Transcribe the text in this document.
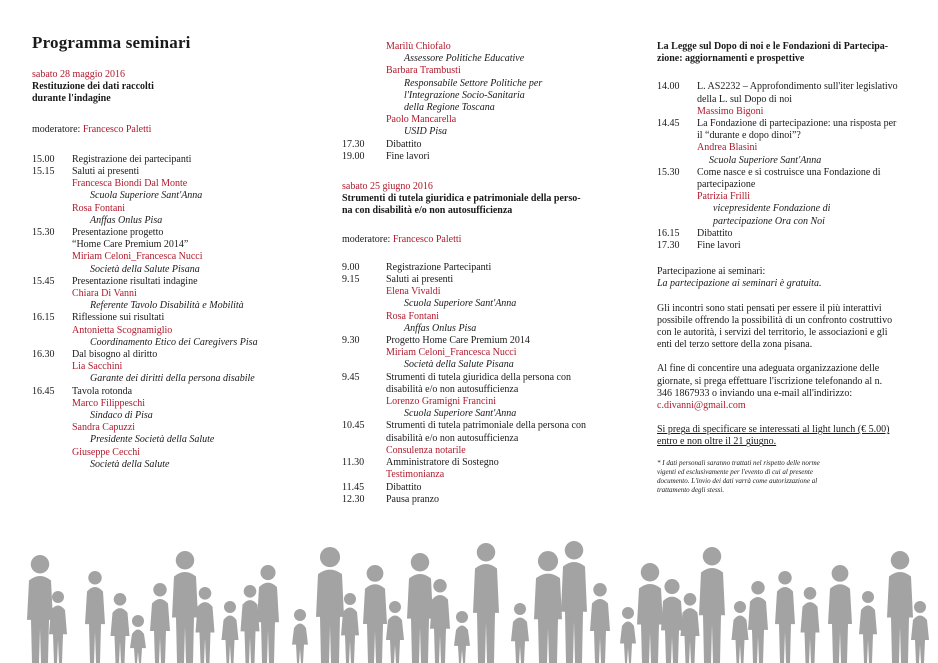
Programma seminari
sabato 28 maggio 2016
Restituzione dei dati raccolti
durante l'indagine
moderatore: Francesco Paletti
15.00	Registrazione dei partecipanti
15.15	Saluti ai presenti
Francesca Biondi Dal Monte
Scuola Superiore Sant'Anna
Rosa Fontani
Anffas Onlus Pisa
15.30	Presentazione progetto
“Home Care Premium 2014”
Miriam Celoni_Francesca Nucci
Società della Salute Pisana
15.45	Presentazione risultati indagine
Chiara Di Vanni
Referente Tavolo Disabilità e Mobilità
16.15	Riflessione sui risultati
Antonietta Scognamiglio
Coordinamento Etico dei Caregivers Pisa
16.30	Dal bisogno al diritto
Lia Sacchini
Garante dei diritti della persona disabile
16.45	Tavola rotonda
Marco Filippeschi
Sindaco di Pisa
Sandra Capuzzi
Presidente Società della Salute
Giuseppe Cecchi
Società della Salute
Marilù Chiofalo
Assessore Politiche Educative
Barbara Trambusti
Responsabile Settore Politiche per
l'Integrazione Socio-Sanitaria
della Regione Toscana
Paolo Mancarella
USID Pisa
17.30	Dibattito
19.00	Fine lavori
sabato 25 giugno 2016
Strumenti di tutela giuridica e patrimoniale della perso-
na con disabilità e/o non autosufficienza
moderatore: Francesco Paletti
9.00	Registrazione Partecipanti
9.15	Saluti ai presenti
Elena Vivaldi
Scuola Superiore Sant'Anna
Rosa Fontani
Anffas Onlus Pisa
9.30	Progetto Home Care Premium 2014
Miriam Celoni_Francesca Nucci
Società della Salute Pisana
9.45	Strumenti di tutela giuridica della persona con
disabilità e/o non autosufficienza
Lorenzo Gramigni Francini
Scuola Superiore Sant'Anna
10.45	Strumenti di tutela patrimoniale della persona con
disabilità e/o non autosufficienza
Consulenza notarile
11.30	Amministratore di Sostegno
Testimonianza
11.45	Dibattito
12.30	Pausa pranzo
La Legge sul Dopo di noi e le Fondazioni di Partecipa-
zione: aggiornamenti e prospettive
14.00	L. AS2232 – Approfondimento sull'iter legislativo
della L. sul Dopo di noi
Massimo Bigoni
14.45	La Fondazione di partecipazione: una risposta per
il “durante e dopo dinoi”?
Andrea Blasini
Scuola Superiore Sant'Anna
15.30	Come nasce e si costruisce una Fondazione di
partecipazione
Patrizia Frilli
vicepresidente Fondazione di
partecipazione Ora con Noi
16.15	Dibattito
17.30	Fine lavori
Partecipazione ai seminari:
La partecipazione ai seminari è gratuita.
Gli incontri sono stati pensati per essere il più interattivi
possibile offrendo la possibilità di un confronto costruttivo
con le autorità, i servizi del territorio, le associazioni e gli
enti del terzo settore della zona pisana.
Al fine di concentire una adeguata organizzazione delle
giornate, si prega effettuare l'iscrizione telefonando al n.
346 1867933 o inviando una e-mail all'indirizzo:
c.divanni@gmail.com
Si prega di specificare se interessati al light lunch (€ 5.00)
entro e non oltre il 21 giugno.
* I dati personali saranno trattati nel rispetto delle norme
vigenti ed esclusivamente per l'evento di cui al presente
documento. L'invio dei dati varrà come autorizzazione al
trattamento degli stessi.
